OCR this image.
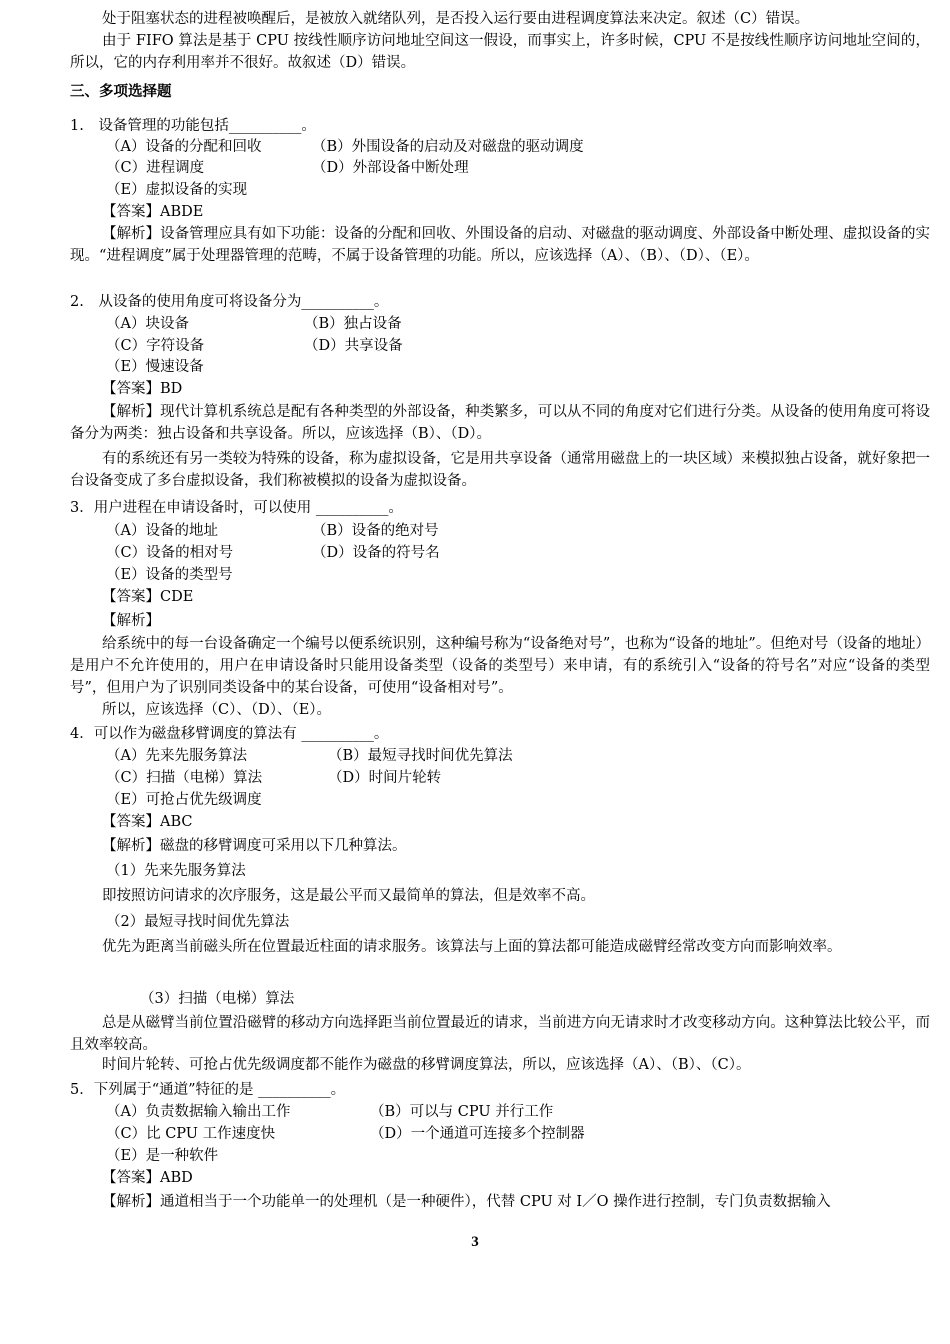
处于阻塞状态的进程被唤醒后，是被放入就绪队列，是否投入运行要由进程调度算法来决定。叙述（C）错误。
由于 FIFO 算法是基于 CPU 按线性顺序访问地址空间这一假设，而事实上，许多时候，CPU 不是按线性顺序访问地址空间的，所以，它的内存利用率并不很好。故叙述（D）错误。
三、多项选择题
1.　设备管理的功能包括__________。
（A）设备的分配和回收	（B）外围设备的启动及对磁盘的驱动调度
（C）进程调度	（D）外部设备中断处理
（E）虚拟设备的实现
【答案】ABDE
【解析】设备管理应具有如下功能：设备的分配和回收、外围设备的启动、对磁盘的驱动调度、外部设备中断处理、虚拟设备的实现。“进程调度”属于处理器管理的范畴，不属于设备管理的功能。所以，应该选择（A）、（B）、（D）、（E）。
2.　从设备的使用角度可将设备分为__________。
（A）块设备	（B）独占设备
（C）字符设备	（D）共享设备
（E）慢速设备
【答案】BD
【解析】现代计算机系统总是配有各种类型的外部设备，种类繁多，可以从不同的角度对它们进行分类。从设备的使用角度可将设备分为两类：独占设备和共享设备。所以，应该选择（B）、（D）。
有的系统还有另一类较为特殊的设备，称为虚拟设备，它是用共享设备（通常用磁盘上的一块区域）来模拟独占设备，就好象把一台设备变成了多台虚拟设备，我们称被模拟的设备为虚拟设备。
3．用户进程在申请设备时，可以使用 __________。
（A）设备的地址	（B）设备的绝对号
（C）设备的相对号	（D）设备的符号名
（E）设备的类型号
【答案】CDE
【解析】
给系统中的每一台设备确定一个编号以便系统识别，这种编号称为“设备绝对号”，也称为“设备的地址”。但绝对号（设备的地址）是用户不允许使用的，用户在申请设备时只能用设备类型（设备的类型号）来申请，有的系统引入“设备的符号名”对应“设备的类型号”，但用户为了识别同类设备中的某台设备，可使用“设备相对号”。
所以，应该选择（C）、（D）、（E）。
4．可以作为磁盘移臂调度的算法有 __________。
（A）先来先服务算法	（B）最短寻找时间优先算法
（C）扫描（电梯）算法	（D）时间片轮转
（E）可抢占优先级调度
【答案】ABC
【解析】磁盘的移臂调度可采用以下几种算法。
（1）先来先服务算法
即按照访问请求的次序服务，这是最公平而又最简单的算法，但是效率不高。
（2）最短寻找时间优先算法
优先为距离当前磁头所在位置最近柱面的请求服务。该算法与上面的算法都可能造成磁臂经常改变方向而影响效率。
（3）扫描（电梯）算法
总是从磁臂当前位置沿磁臂的移动方向选择距当前位置最近的请求，当前进方向无请求时才改变移动方向。这种算法比较公平，而且效率较高。
时间片轮转、可抢占优先级调度都不能作为磁盘的移臂调度算法，所以，应该选择（A）、（B）、（C）。
5．下列属于“通道”特征的是 __________。
（A）负责数据输入输出工作	（B）可以与 CPU 并行工作
（C）比 CPU 工作速度快	（D）一个通道可连接多个控制器
（E）是一种软件
【答案】ABD
【解析】通道相当于一个功能单一的处理机（是一种硬件），代替 CPU 对 I／O 操作进行控制，专门负责数据输入
3
